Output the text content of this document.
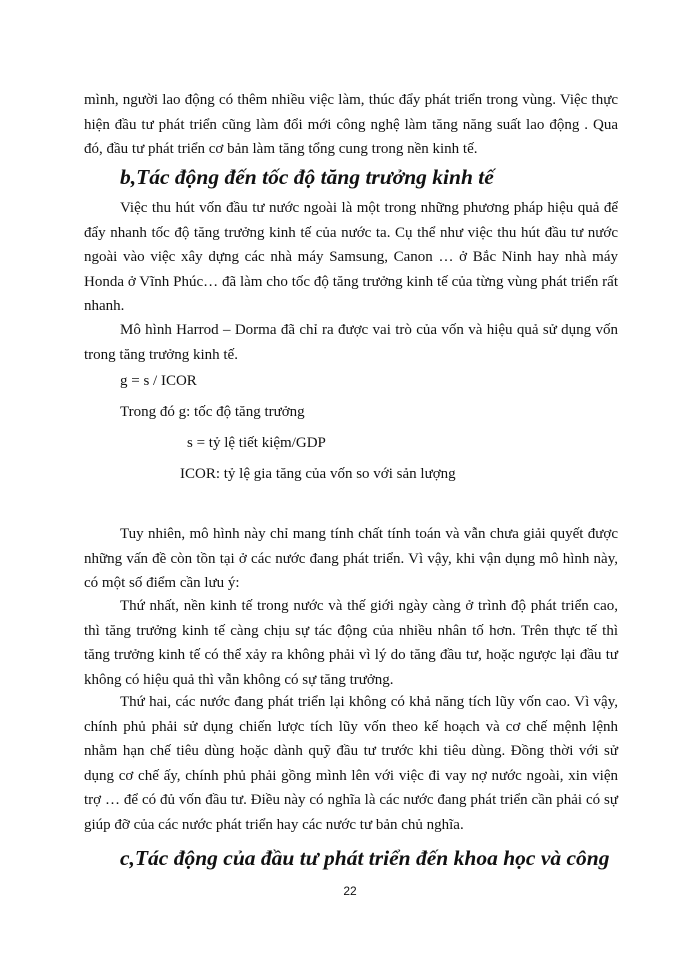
mình, người lao động có thêm nhiều việc làm, thúc đẩy phát triển trong vùng. Việc thực hiện đầu tư phát triển cũng làm đổi mới công nghệ làm tăng năng suất lao động . Qua đó, đầu tư phát triển cơ bản làm tăng tổng cung trong nền kinh tế.

b,Tác động đến tốc độ tăng trưởng kinh tế

Việc thu hút vốn đầu tư nước ngoài là một trong những phương pháp hiệu quả để đẩy nhanh tốc độ tăng trưởng kinh tế của nước ta. Cụ thể như việc thu hút đầu tư nước ngoài vào việc xây dựng các nhà máy Samsung, Canon … ở Bắc Ninh hay nhà máy Honda ở Vĩnh Phúc… đã làm cho tốc độ tăng trưởng kinh tế của từng vùng phát triển rất nhanh.

Mô hình Harrod – Dorma đã chỉ ra được vai trò của vốn và hiệu quả sử dụng vốn trong tăng trưởng kinh tế.

g = s / ICOR

Trong đó g: tốc độ tăng trưởng

s = tỷ lệ tiết kiệm/GDP

ICOR: tỷ lệ gia tăng của vốn so với sản lượng

Tuy nhiên, mô hình này chỉ mang tính chất tính toán và vẫn chưa giải quyết được những vấn đề còn tồn tại ở các nước đang phát triển. Vì vậy, khi vận dụng mô hình này, có một số điểm cần lưu ý:

Thứ nhất, nền kinh tế trong nước và thế giới ngày càng ở trình độ phát triển cao, thì tăng trưởng kinh tế càng chịu sự tác động của nhiều nhân tố hơn. Trên thực tế thì tăng trưởng kinh tế có thể xảy ra không phải vì lý do tăng đầu tư, hoặc ngược lại đầu tư không có hiệu quả thì vẫn không có sự tăng trưởng.

Thứ hai, các nước đang phát triển lại không có khả năng tích lũy vốn cao. Vì vậy, chính phủ phải sử dụng chiến lược tích lũy vốn theo kế hoạch và cơ chế mệnh lệnh nhằm hạn chế tiêu dùng hoặc dành quỹ đầu tư trước khi tiêu dùng. Đồng thời với sử dụng cơ chế ấy, chính phủ phải gồng mình lên với việc đi vay nợ nước ngoài, xin viện trợ … để có đủ vốn đầu tư. Điều này có nghĩa là các nước đang phát triển cần phải có sự giúp đỡ của các nước phát triển hay các nước tư bản chủ nghĩa.

c,Tác động của đầu tư phát triển đến khoa học và công
22
